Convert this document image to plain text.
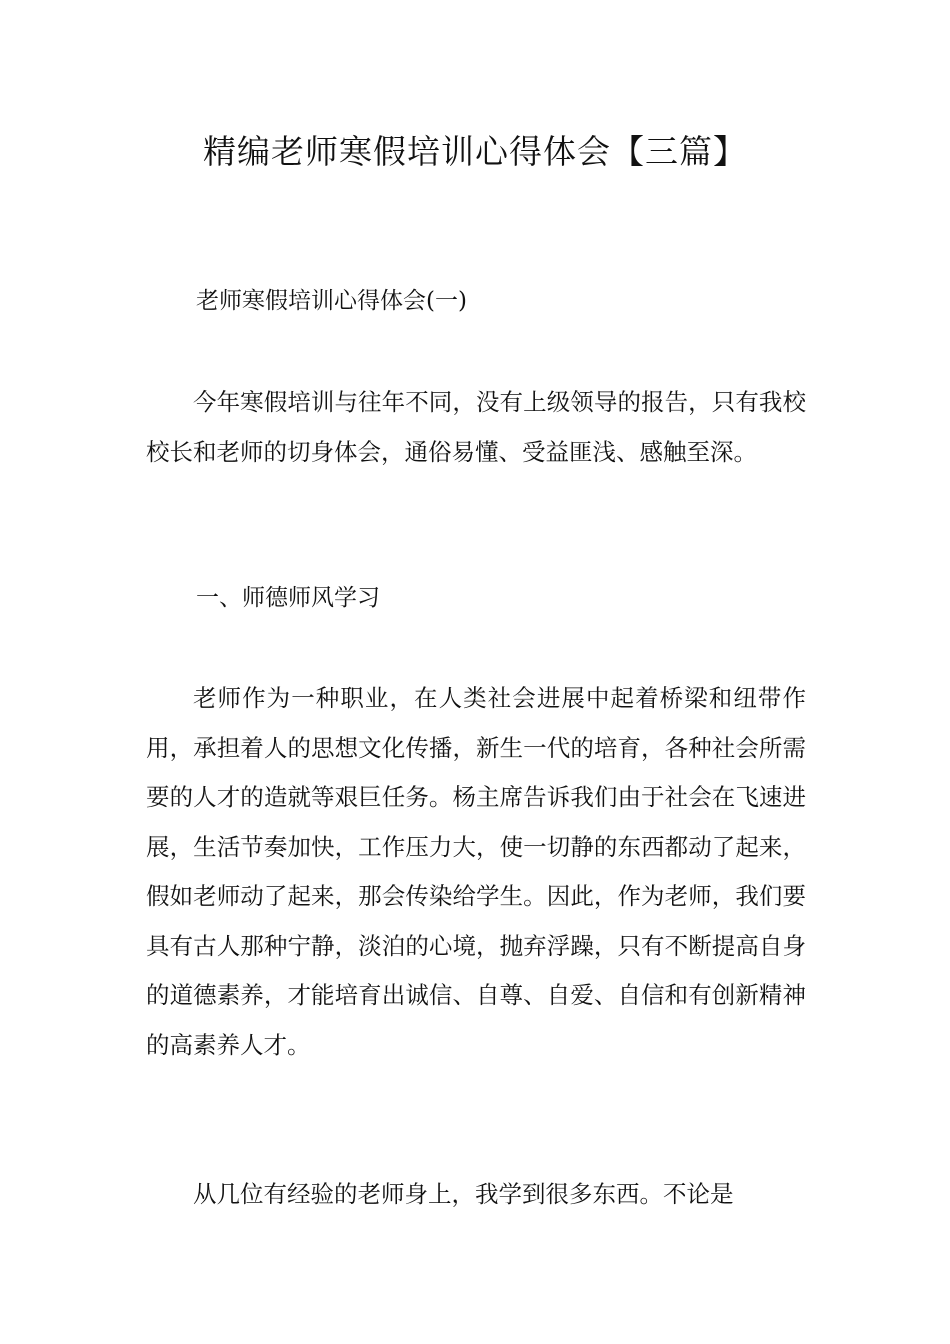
精编老师寒假培训心得体会【三篇】

老师寒假培训心得体会(一)

今年寒假培训与往年不同，没有上级领导的报告，只有我校校长和老师的切身体会，通俗易懂、受益匪浅、感触至深。

一、师德师风学习

老师作为一种职业，在人类社会进展中起着桥梁和纽带作用，承担着人的思想文化传播，新生一代的培育，各种社会所需要的人才的造就等艰巨任务。杨主席告诉我们由于社会在飞速进展，生活节奏加快，工作压力大，使一切静的东西都动了起来，假如老师动了起来，那会传染给学生。因此，作为老师，我们要具有古人那种宁静，淡泊的心境，抛弃浮躁，只有不断提高自身的道德素养，才能培育出诚信、自尊、自爱、自信和有创新精神的高素养人才。

从几位有经验的老师身上，我学到很多东西。不论是
